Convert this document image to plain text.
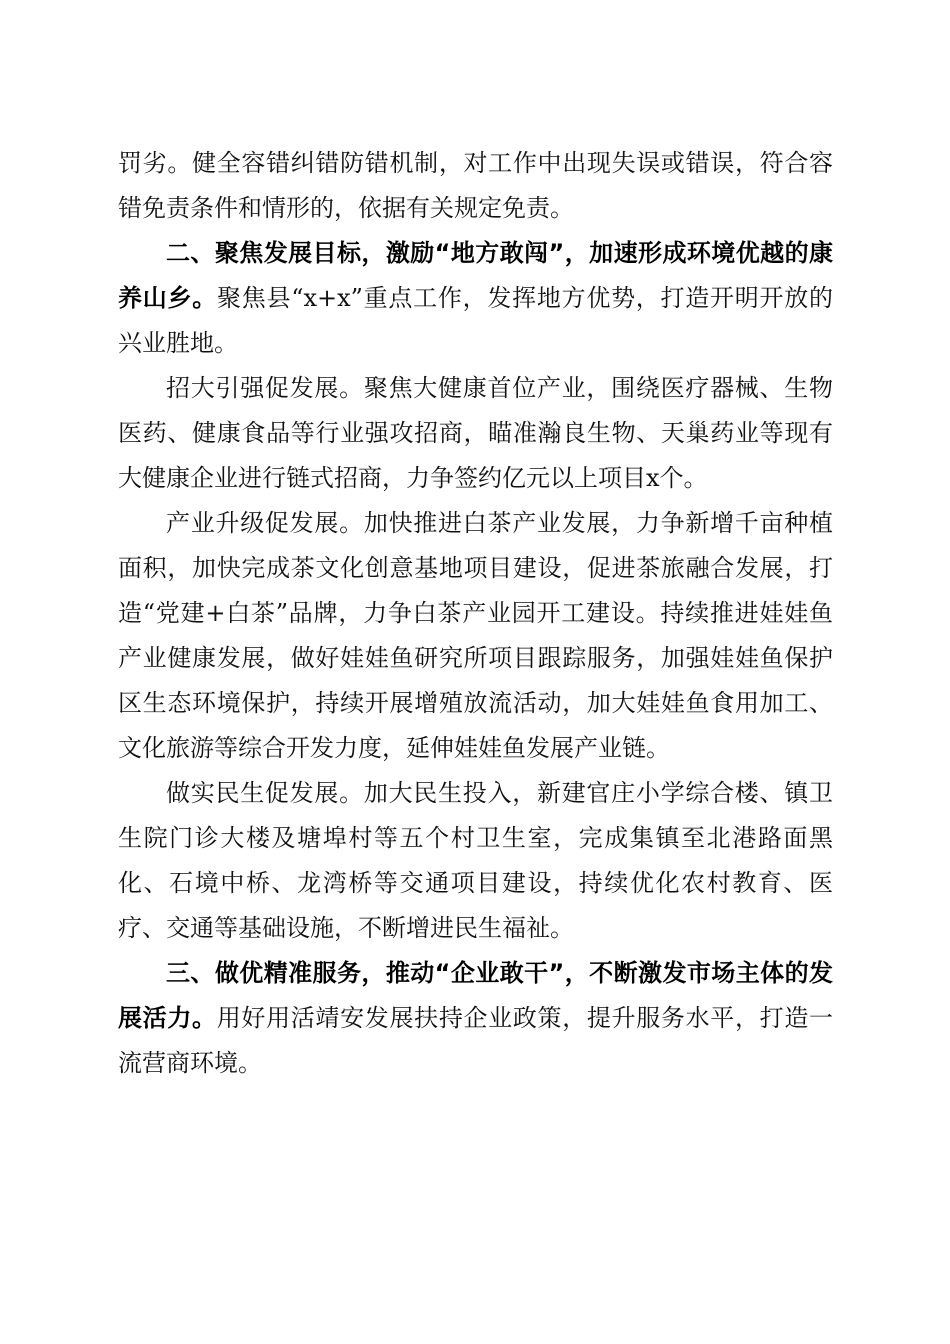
罚劣。健全容错纠错防错机制，对工作中出现失误或错误，符合容错免责条件和情形的，依据有关规定免责。

二、聚焦发展目标，激励“地方敢闯”，加速形成环境优越的康养山乡。聚焦县“x+x”重点工作，发挥地方优势，打造开明开放的兴业胜地。

招大引强促发展。聚焦大健康首位产业，围绕医疗器械、生物医药、健康食品等行业强攻招商，瞄准瀚良生物、天巢药业等现有大健康企业进行链式招商，力争签约亿元以上项目x个。

产业升级促发展。加快推进白茶产业发展，力争新增千亩种植面积，加快完成茶文化创意基地项目建设，促进茶旅融合发展，打造“党建+白茶”品牌，力争白茶产业园开工建设。持续推进娃娃鱼产业健康发展，做好娃娃鱼研究所项目跟踪服务，加强娃娃鱼保护区生态环境保护，持续开展增殖放流活动，加大娃娃鱼食用加工、文化旅游等综合开发力度，延伸娃娃鱼发展产业链。

做实民生促发展。加大民生投入，新建官庄小学综合楼、镇卫生院门诊大楼及塘埠村等五个村卫生室，完成集镇至北港路面黑化、石境中桥、龙湾桥等交通项目建设，持续优化农村教育、医疗、交通等基础设施，不断增进民生福祉。

三、做优精准服务，推动“企业敢干”，不断激发市场主体的发展活力。用好用活靖安发展扶持企业政策，提升服务水平，打造一流营商环境。
